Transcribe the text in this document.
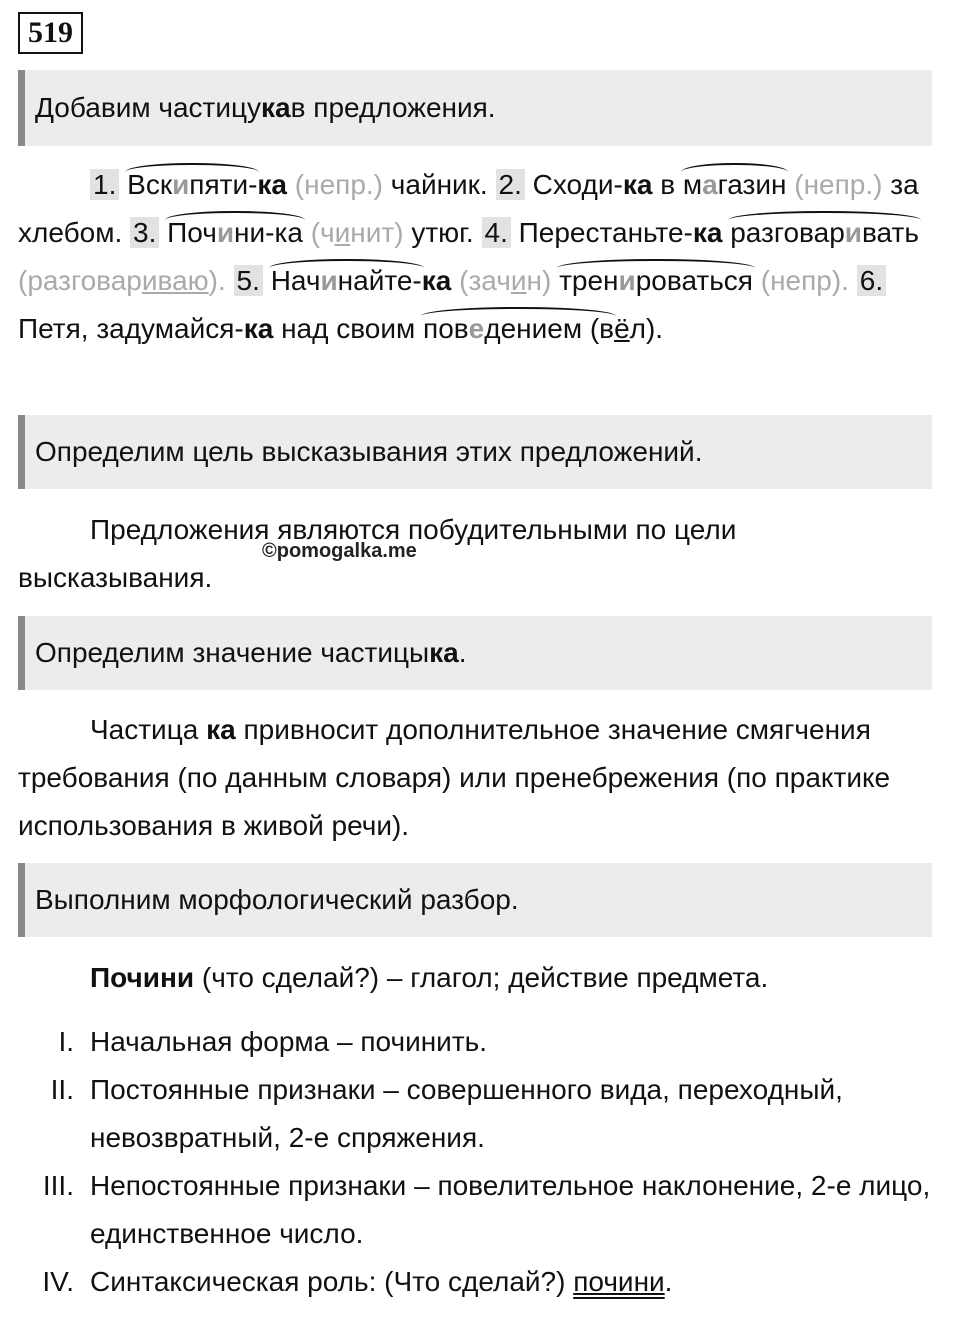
519
Добавим частицу ка в предложения.

1. Вскипяти-ка (непр.) чайник. 2. Сходи-ка в магазин (непр.) за хлебом. 3. Почини-ка (чинит) утюг. 4. Перестаньте-ка разговаривать (разговариваю). 5. Начинайте-ка (зачин) тренироваться (непр). 6. Петя, задумайся-ка над своим поведением (вёл).

Определим цель высказывания этих предложений.

Предложения являются побудительными по цели высказывания.

©pomogalka.me
Определим значение частицы ка .

Частица ка привносит дополнительное значение смягчения требования (по данным словаря) или пренебрежения (по практике использования в живой речи).

Выполним морфологический разбор.

Почини (что сделай?) – глагол; действие предмета.

I. Начальная форма – починить.
II. Постоянные признаки – совершенного вида, переходный, невозвратный, 2-е спряжения.
III. Непостоянные признаки – повелительное наклонение, 2-е лицо, единственное число.
IV. Синтаксическая роль: (Что сделай?) почини.
